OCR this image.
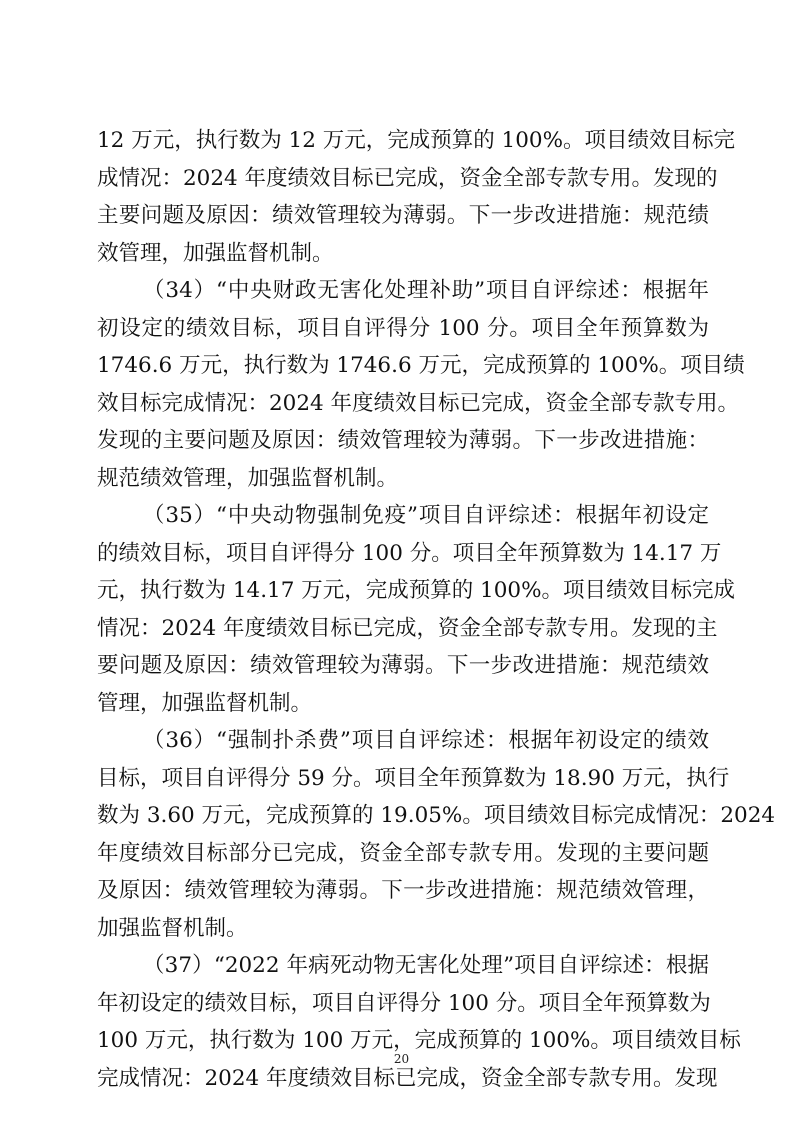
12 万元，执行数为 12 万元，完成预算的 100%。项目绩效目标完
成情况：2024 年度绩效目标已完成，资金全部专款专用。发现的
主要问题及原因：绩效管理较为薄弱。下一步改进措施：规范绩
效管理，加强监督机制。
（34）“中央财政无害化处理补助”项目自评综述：根据年
初设定的绩效目标，项目自评得分 100 分。项目全年预算数为
1746.6 万元，执行数为 1746.6 万元，完成预算的 100%。项目绩
效目标完成情况：2024 年度绩效目标已完成，资金全部专款专用。
发现的主要问题及原因：绩效管理较为薄弱。下一步改进措施：
规范绩效管理，加强监督机制。
（35）“中央动物强制免疫”项目自评综述：根据年初设定
的绩效目标，项目自评得分 100 分。项目全年预算数为 14.17 万
元，执行数为 14.17 万元，完成预算的 100%。项目绩效目标完成
情况：2024 年度绩效目标已完成，资金全部专款专用。发现的主
要问题及原因：绩效管理较为薄弱。下一步改进措施：规范绩效
管理，加强监督机制。
（36）“强制扑杀费”项目自评综述：根据年初设定的绩效
目标，项目自评得分 59 分。项目全年预算数为 18.90 万元，执行
数为 3.60 万元，完成预算的 19.05%。项目绩效目标完成情况：2024
年度绩效目标部分已完成，资金全部专款专用。发现的主要问题
及原因：绩效管理较为薄弱。下一步改进措施：规范绩效管理，
加强监督机制。
（37）“2022 年病死动物无害化处理”项目自评综述：根据
年初设定的绩效目标，项目自评得分 100 分。项目全年预算数为
100 万元，执行数为 100 万元，完成预算的 100%。项目绩效目标
完成情况：2024 年度绩效目标已完成，资金全部专款专用。发现
20
